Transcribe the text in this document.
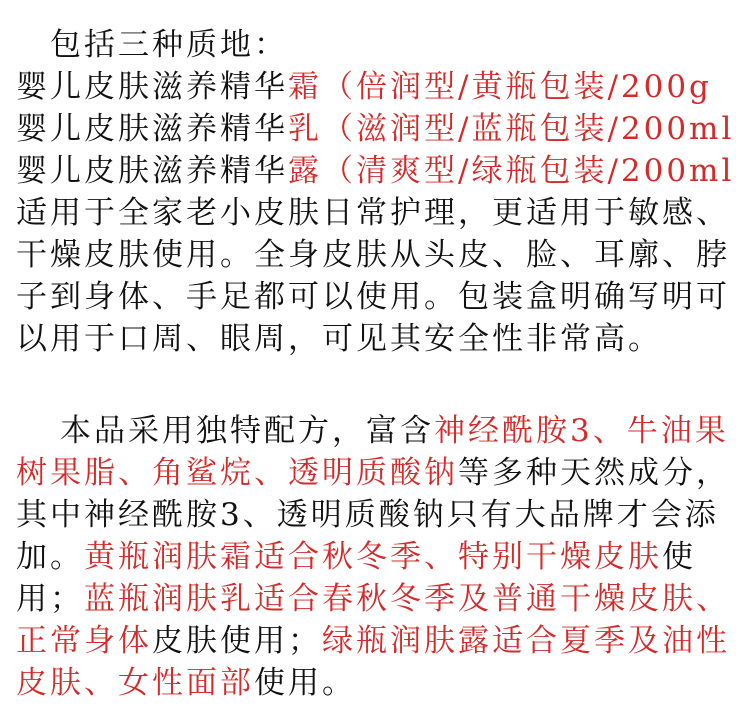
包括三种质地：
婴儿皮肤滋养精华霜（倍润型/黄瓶包装/200g
婴儿皮肤滋养精华乳（滋润型/蓝瓶包装/200ml
婴儿皮肤滋养精华露（清爽型/绿瓶包装/200ml
适用于全家老小皮肤日常护理，更适用于敏感、
干燥皮肤使用。全身皮肤从头皮、脸、耳廓、脖
子到身体、手足都可以使用。包装盒明确写明可
以用于口周、眼周，可见其安全性非常高。
本品采用独特配方，富含神经酰胺3、牛油果
树果脂、角鲨烷、透明质酸钠等多种天然成分，
其中神经酰胺3、透明质酸钠只有大品牌才会添
加。黄瓶润肤霜适合秋冬季、特别干燥皮肤使
用；蓝瓶润肤乳适合春秋冬季及普通干燥皮肤、
正常身体皮肤使用；绿瓶润肤露适合夏季及油性
皮肤、女性面部使用。
